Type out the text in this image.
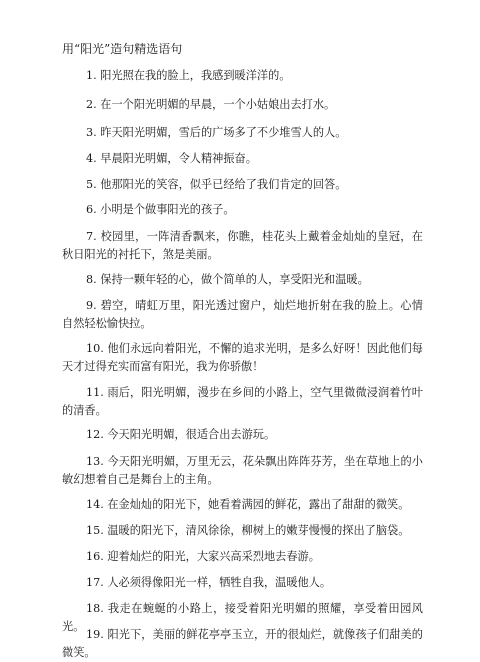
用“阳光”造句精选语句

1. 阳光照在我的脸上，我感到暖洋洋的。

2. 在一个阳光明媚的早晨，一个小姑娘出去打水。

3. 昨天阳光明媚，雪后的广场多了不少堆雪人的人。

4. 早晨阳光明媚，令人精神振奋。

5. 他那阳光的笑容，似乎已经给了我们肯定的回答。

6. 小明是个做事阳光的孩子。

7. 校园里，一阵清香飘来，你瞧，桂花头上戴着金灿灿的皇冠，在秋日阳光的衬托下，煞是美丽。

8. 保持一颗年轻的心，做个简单的人，享受阳光和温暖。

9. 碧空，晴虹万里，阳光透过窗户，灿烂地折射在我的脸上。心情自然轻松愉快拉。

10. 他们永远向着阳光，不懈的追求光明，是多么好呀！因此他们每天才过得充实而富有阳光，我为你骄傲！

11. 雨后，阳光明媚，漫步在乡间的小路上，空气里微微浸润着竹叶的清香。

12. 今天阳光明媚，很适合出去游玩。

13. 今天阳光明媚，万里无云，花朵飘出阵阵芬芳，坐在草地上的小敏幻想着自己是舞台上的主角。

14. 在金灿灿的阳光下，她看着满园的鲜花，露出了甜甜的微笑。

15. 温暖的阳光下，清风徐徐，柳树上的嫩芽慢慢的探出了脑袋。

16. 迎着灿烂的阳光，大家兴高采烈地去春游。

17. 人必须得像阳光一样，牺牲自我，温暖他人。

18. 我走在蜿蜒的小路上，接受着阳光明媚的照耀，享受着田园风光。

19. 阳光下，美丽的鲜花亭亭玉立，开的很灿烂，就像孩子们甜美的微笑。
